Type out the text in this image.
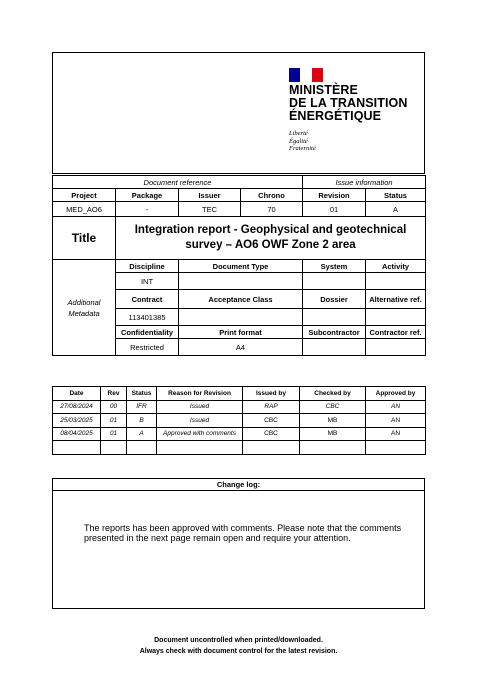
MINISTÈRE
DE LA TRANSITION
ÉNERGÉTIQUE
Liberté
Égalité
Fraternité
Document reference				Issue information	
Project	Package	Issuer	Chrono	Revision	Status
MED_AO6	-	TEC	70	01	A
Title	Integration report - Geophysical and geotechnical survey – AO6 OWF Zone 2 area				
Additional Metadata	Discipline	Document Type		System	Activity
	INT				
	Contract	Acceptance Class		Dossier	Alternative ref.
	113401385				
	Confidentiality	Print format		Subcontractor	Contractor ref.
	Restricted	A4			
Date	Rev	Status	Reason for Revision	Issued by	Checked by	Approved by
27/08/2024	00	IFR	Issued	RAP	CBC	AN
25/03/2025	01	B	Issued	CBC	MB	AN
08/04/2025	01	A	Approved with comments	CBC	MB	AN

Change log:
The reports has been approved with comments. Please note that the comments presented in the next page remain open and require your attention.
Document uncontrolled when printed/downloaded.
Always check with document control for the latest revision.
